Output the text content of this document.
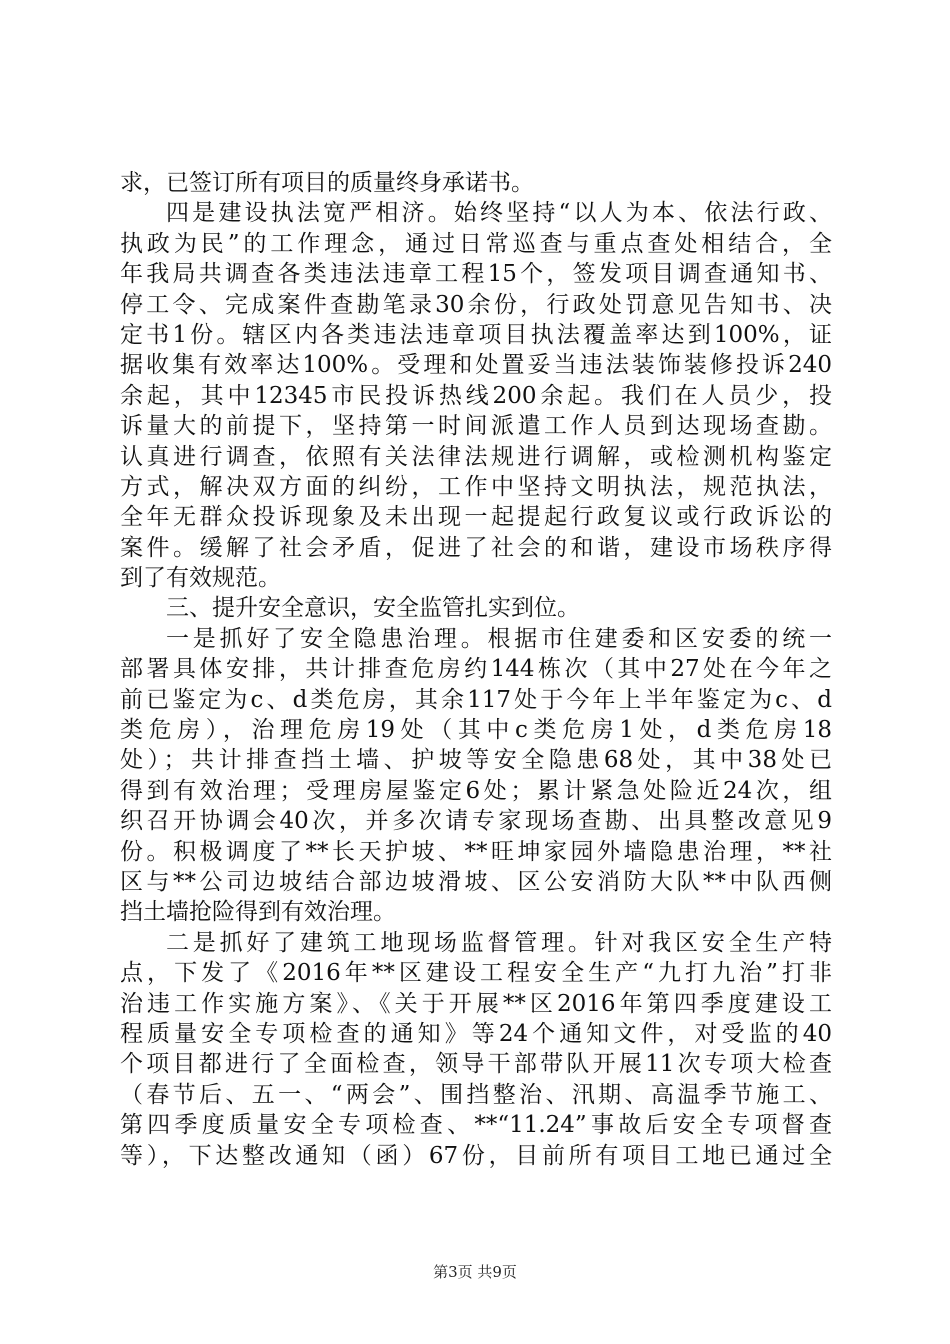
求，已签订所有项目的质量终身承诺书。
四是建设执法宽严相济。始终坚持“以人为本、依法行政、
执政为民”的工作理念，通过日常巡查与重点查处相结合，全
年我局共调查各类违法违章工程15个，签发项目调查通知书、
停工令、完成案件查勘笔录30余份，行政处罚意见告知书、决
定书1份。辖区内各类违法违章项目执法覆盖率达到100%，证
据收集有效率达100%。受理和处置妥当违法装饰装修投诉240
余起，其中12345市民投诉热线200余起。我们在人员少，投
诉量大的前提下，坚持第一时间派遣工作人员到达现场查勘。
认真进行调查，依照有关法律法规进行调解，或检测机构鉴定
方式，解决双方面的纠纷，工作中坚持文明执法，规范执法，
全年无群众投诉现象及未出现一起提起行政复议或行政诉讼的
案件。缓解了社会矛盾，促进了社会的和谐，建设市场秩序得
到了有效规范。
三、提升安全意识，安全监管扎实到位。
一是抓好了安全隐患治理。根据市住建委和区安委的统一
部署具体安排，共计排查危房约144栋次（其中27处在今年之
前已鉴定为c、d类危房，其余117处于今年上半年鉴定为c、d
类危房），治理危房19处（其中c类危房1处，d类危房18
处）；共计排查挡土墙、护坡等安全隐患68处，其中38处已
得到有效治理；受理房屋鉴定6处；累计紧急处险近24次，组
织召开协调会40次，并多次请专家现场查勘、出具整改意见9
份。积极调度了**长天护坡、**旺坤家园外墙隐患治理，**社
区与**公司边坡结合部边坡滑坡、区公安消防大队**中队西侧
挡土墙抢险得到有效治理。
二是抓好了建筑工地现场监督管理。针对我区安全生产特
点，下发了《2016年**区建设工程安全生产“九打九治”打非
治违工作实施方案》、《关于开展**区2016年第四季度建设工
程质量安全专项检查的通知》等24个通知文件，对受监的40
个项目都进行了全面检查，领导干部带队开展11次专项大检查
（春节后、五一、“两会”、围挡整治、汛期、高温季节施工、
第四季度质量安全专项检查、**“11.24”事故后安全专项督查
等），下达整改通知（函）67份，目前所有项目工地已通过全
第3页 共9页
